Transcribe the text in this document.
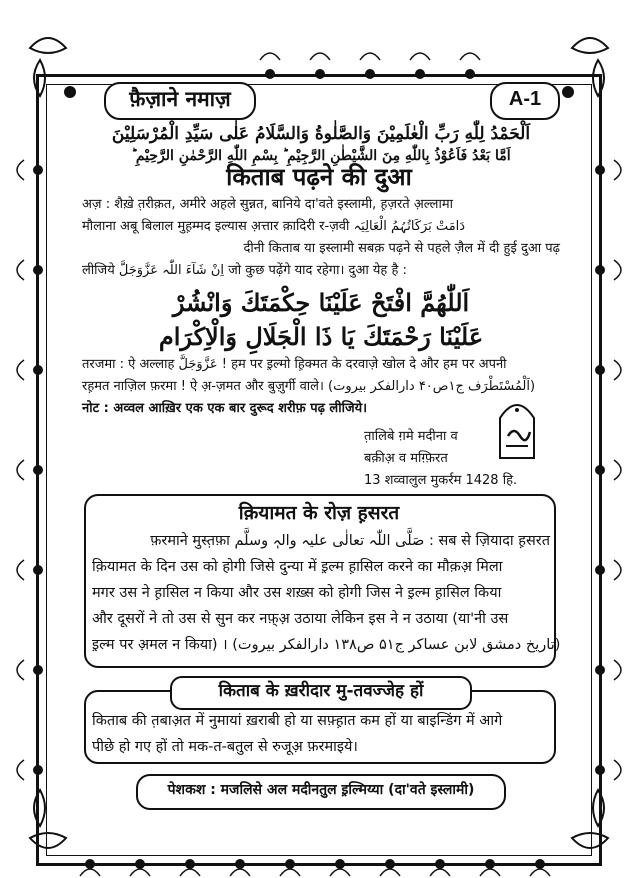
फ़ैज़ाने नमाज़	A-1
اَلْحَمْدُ لِلّٰهِ رَبِّ الْعٰلَمِیْنَ وَالصَّلٰوةُ وَالسَّلَامُ عَلٰی سَیِّدِ الْمُرْسَلِیْنَ
اَمَّا بَعْدُ فَاَعُوْذُ بِاللّٰهِ مِنَ الشَّیْطٰنِ الرَّجِیْمِ ؕ بِسْمِ اللّٰهِ الرَّحْمٰنِ الرَّحِیْمِ ؕ
किताब पढ़ने की दुआ
अज़ : शैख़े त़रीक़त, अमीरे अहले सुन्नत, बानिये दा'वते इस्लामी, ह़ज़रते अ़ल्लामा
मौलाना अबू बिलाल मुह़म्मद इल्यास अ़त्तार क़ादिरी र-ज़वी دَامَتْ بَرَکَاتُہُمُ الْعَالِیَہ
दीनी किताब या इस्लामी सबक़ पढ़ने से पहले ज़ैल में दी हुई दुआ पढ़
लीजिये اِنْ شَآءَ اللّٰہ عَزَّوَجَلَّ जो कुछ पढ़ेंगे याद रहेगा। दुआ येह है :
اَللّٰهُمَّ افْتَحْ عَلَيْنَا حِكْمَتَكَ وَانْشُرْ
عَلَيْنَا رَحْمَتَكَ يَا ذَا الْجَلَالِ وَالْاِكْرَام
तरजमा : ऐ अल्लाह عَزَّوَجَلَّ ! हम पर इ़ल्मो ह़िक्मत के दरवाज़े खोल दे और हम पर अपनी
रह़मत नाज़िल फ़रमा ! ऐ अ़-ज़मत और बुज़ुर्गी वाले। (اَلْمُسْتَطْرَف ج۱ص۴۰ دارالفکر بیروت)
नोट : अव्वल आख़िर एक एक बार दुरूद शरीफ़ पढ़ लीजिये।
त़ालिबे ग़मे मदीना व
बक़ीअ़ व मग़्फ़िरत
13 शव्वालुल मुकर्रम 1428 हि.
क़ियामत के रोज़ ह़सरत
फ़रमाने मुस्त़फ़ा صَلَّی اللّٰہ تعالٰی علیہ والہٖ وسلَّم : सब से ज़ियादा ह़सरत
क़ियामत के दिन उस को होगी जिसे दुन्या में इ़ल्म ह़ासिल करने का मौक़अ़ मिला
मगर उस ने ह़ासिल न किया और उस शख़्स को होगी जिस ने इ़ल्म ह़ासिल किया
और दूसरों ने तो उस से सुन कर नफ़्अ़ उठाया लेकिन इस ने न उठाया (या'नी उस
इ़ल्म पर अ़मल न किया) । (تاریخ دمشق لابن عساکر ج۵۱ ص۱۳۸ دارالفکر بیروت)
किताब के ख़रीदार मु-तवज्जेह हों
किताब की त़बाअ़त में नुमायां ख़राबी हो या सफ़्ह़ात कम हों या बाइन्डिंग में आगे
पीछे हो गए हों तो मक-त-बतुल से रुजूअ़ फ़रमाइये।
पेशकश : मजलिसे अल मदीनतुल इ़ल्मिय्या (दा'वते इस्लामी)
